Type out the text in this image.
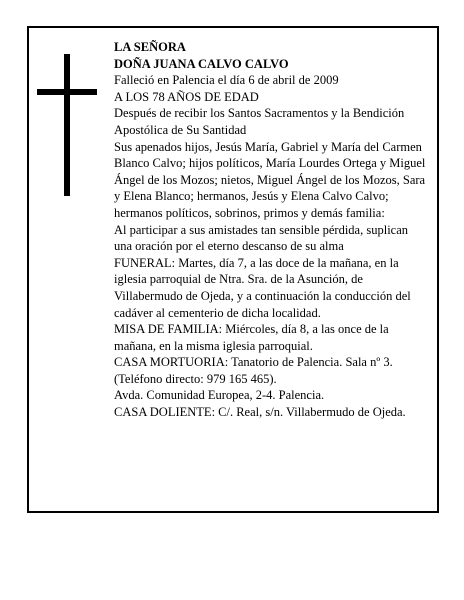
LA SEÑORA

DOÑA JUANA CALVO CALVO

Falleció en Palencia el día 6 de abril de 2009

A LOS 78 AÑOS DE EDAD

Después de recibir los Santos Sacramentos y la Bendición Apostólica de Su Santidad

Sus apenados hijos, Jesús María, Gabriel y María del Carmen Blanco Calvo; hijos políticos, María Lourdes Ortega y Miguel Ángel de los Mozos; nietos, Miguel Ángel de los Mozos, Sara y Elena Blanco; hermanos, Jesús y Elena Calvo Calvo; hermanos políticos, sobrinos, primos y demás familia:

Al participar a sus amistades tan sensible pérdida, suplican una oración por el eterno descanso de su alma

FUNERAL: Martes, día 7, a las doce de la mañana, en la iglesia parroquial de Ntra. Sra. de la Asunción, de Villabermudo de Ojeda, y a continuación la conducción del cadáver al cementerio de dicha localidad.

MISA DE FAMILIA: Miércoles, día 8, a las once de la mañana, en la misma iglesia parroquial.

CASA MORTUORIA: Tanatorio de Palencia. Sala nº 3. (Teléfono directo: 979 165 465).

Avda. Comunidad Europea, 2-4. Palencia.

CASA DOLIENTE: C/. Real, s/n. Villabermudo de Ojeda.
